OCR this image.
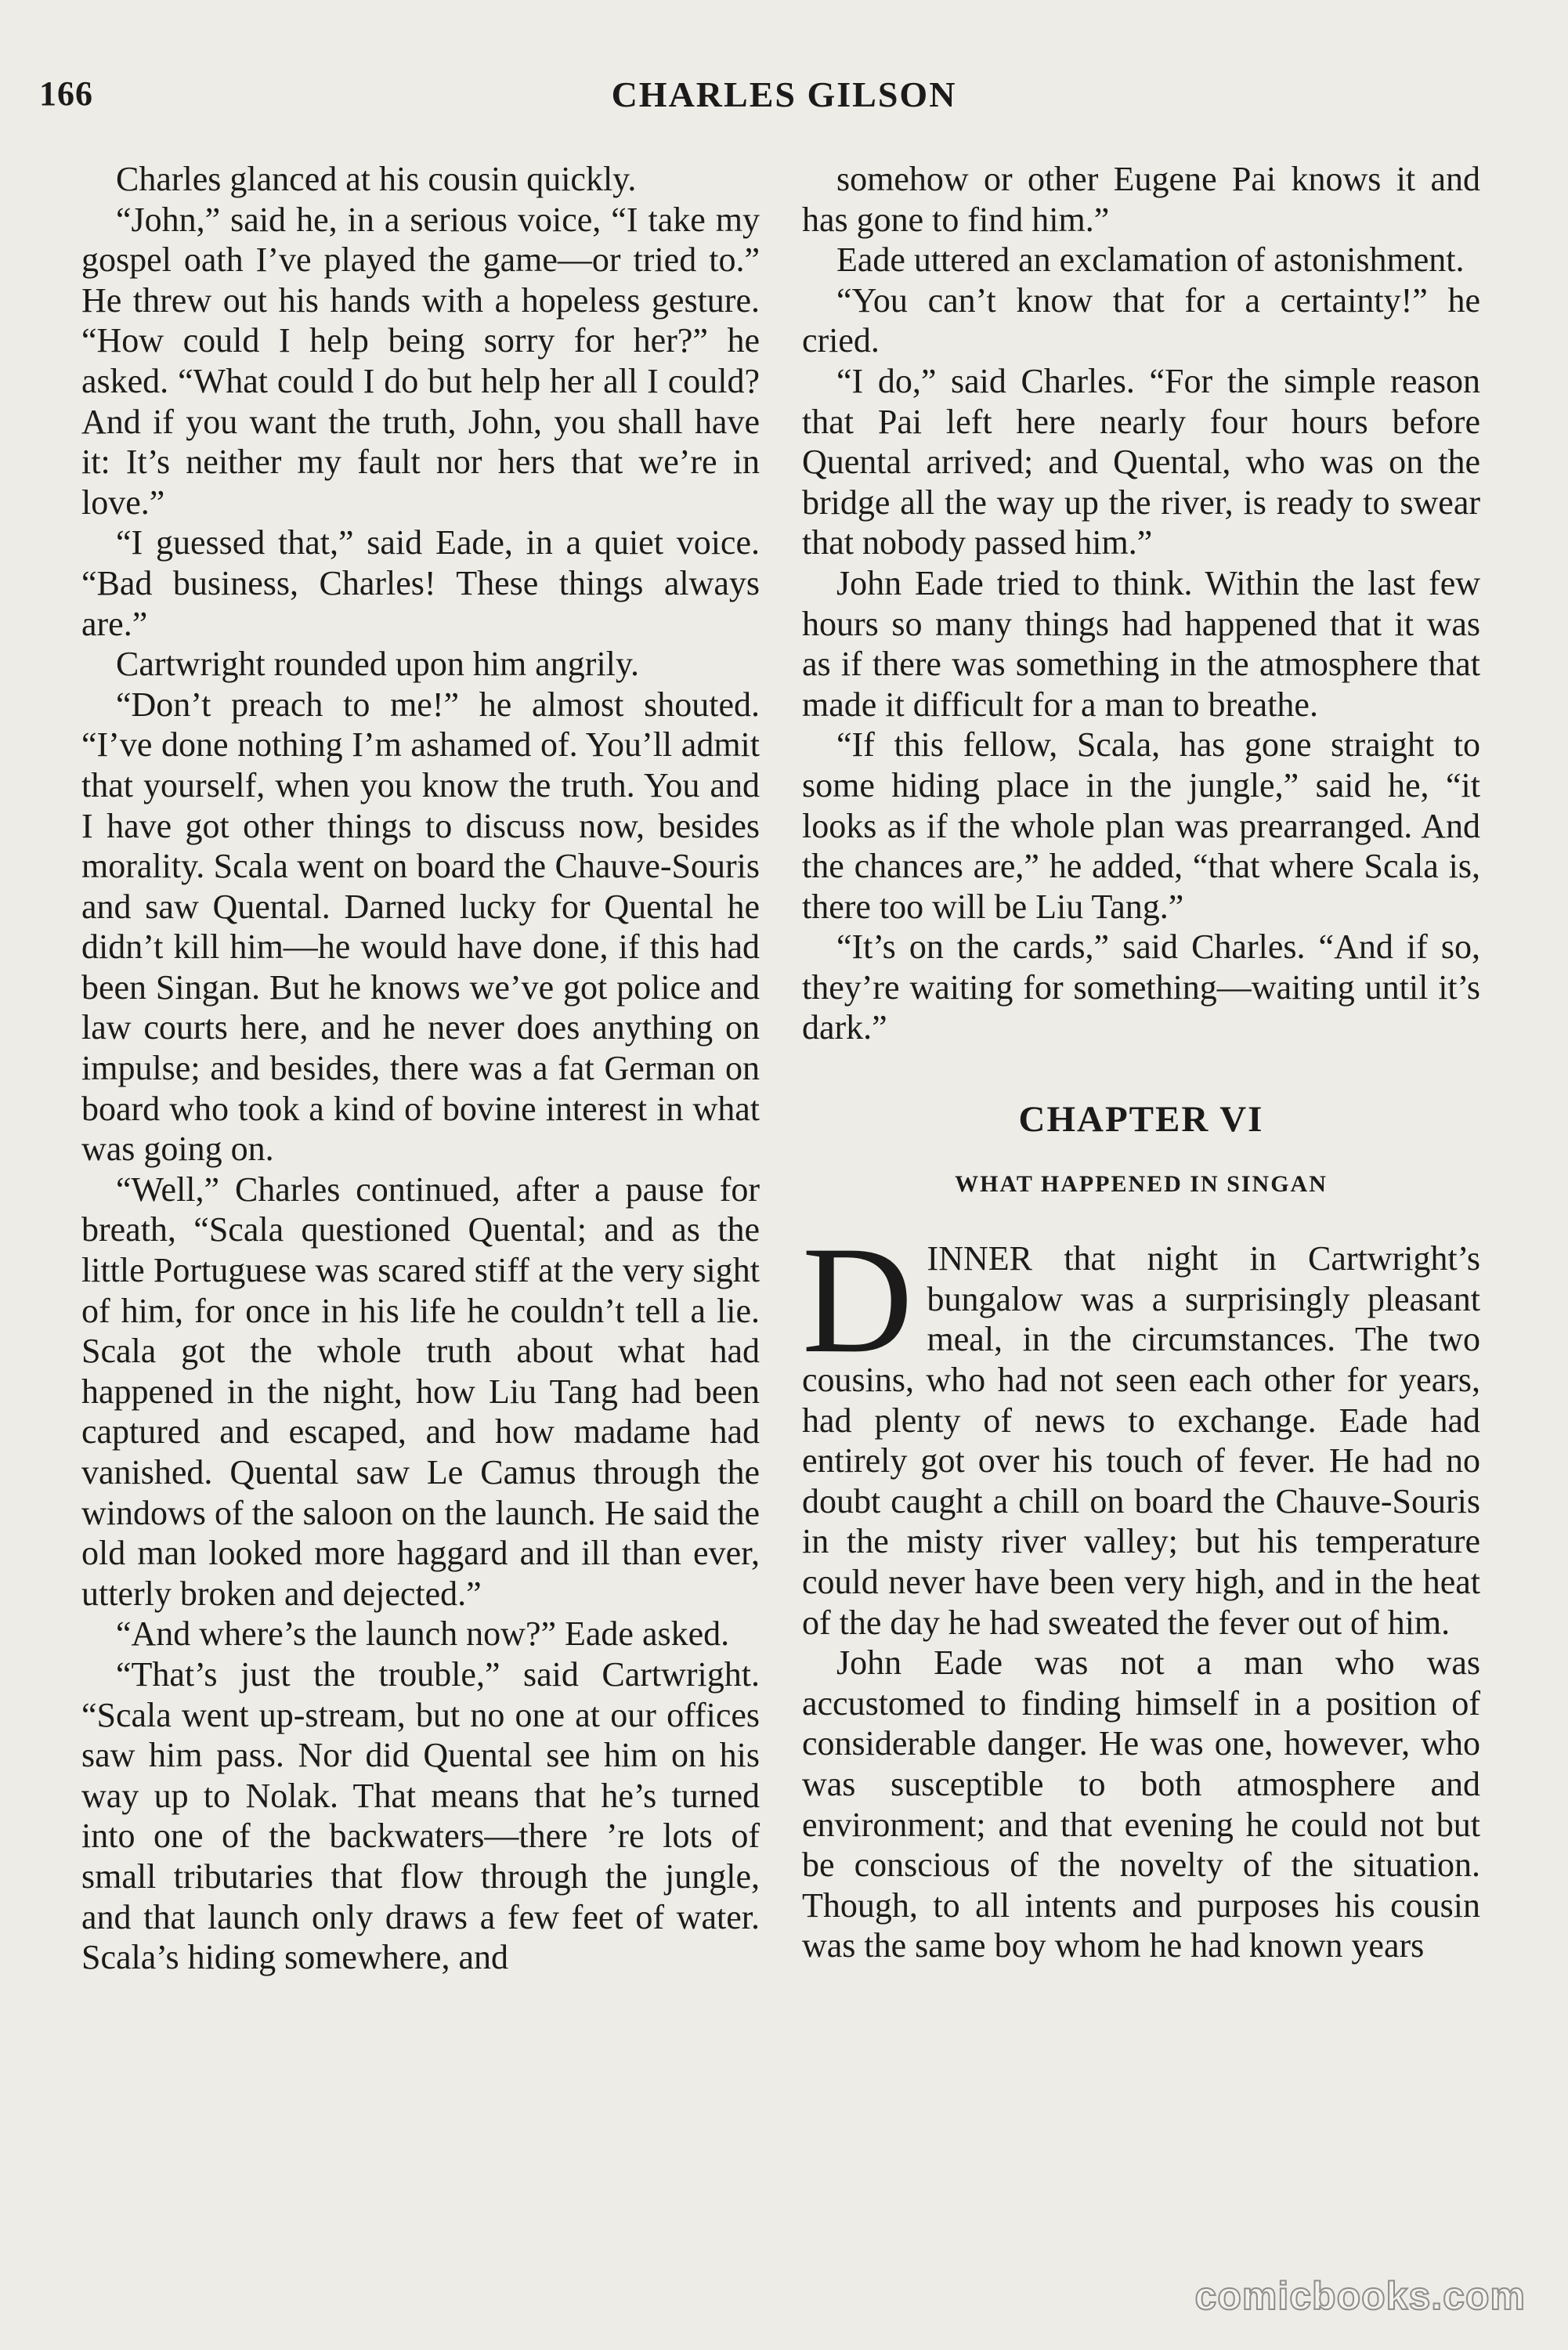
166	CHARLES GILSON

Charles glanced at his cousin quickly.

“John,” said he, in a serious voice, “I take my gospel oath I’ve played the game—or tried to.” He threw out his hands with a hopeless gesture. “How could I help being sorry for her?” he asked. “What could I do but help her all I could? And if you want the truth, John, you shall have it: It’s neither my fault nor hers that we’re in love.”

“I guessed that,” said Eade, in a quiet voice. “Bad business, Charles! These things always are.”

Cartwright rounded upon him angrily.

“Don’t preach to me!” he almost shouted. “I’ve done nothing I’m ashamed of. You’ll admit that yourself, when you know the truth. You and I have got other things to discuss now, besides morality. Scala went on board the Chauve-Souris and saw Quental. Darned lucky for Quental he didn’t kill him—he would have done, if this had been Singan. But he knows we’ve got police and law courts here, and he never does anything on impulse; and besides, there was a fat German on board who took a kind of bovine interest in what was going on.

“Well,” Charles continued, after a pause for breath, “Scala questioned Quental; and as the little Portuguese was scared stiff at the very sight of him, for once in his life he couldn’t tell a lie. Scala got the whole truth about what had happened in the night, how Liu Tang had been captured and escaped, and how madame had vanished. Quental saw Le Camus through the windows of the saloon on the launch. He said the old man looked more haggard and ill than ever, utterly broken and dejected.”

“And where’s the launch now?” Eade asked.

“That’s just the trouble,” said Cartwright. “Scala went up-stream, but no one at our offices saw him pass. Nor did Quental see him on his way up to Nolak. That means that he’s turned into one of the backwaters—there ’re lots of small tributaries that flow through the jungle, and that launch only draws a few feet of water. Scala’s hiding somewhere, and

somehow or other Eugene Pai knows it and has gone to find him.”

Eade uttered an exclamation of astonishment.

“You can’t know that for a certainty!” he cried.

“I do,” said Charles. “For the simple reason that Pai left here nearly four hours before Quental arrived; and Quental, who was on the bridge all the way up the river, is ready to swear that nobody passed him.”

John Eade tried to think. Within the last few hours so many things had happened that it was as if there was something in the atmosphere that made it difficult for a man to breathe.

“If this fellow, Scala, has gone straight to some hiding place in the jungle,” said he, “it looks as if the whole plan was prearranged. And the chances are,” he added, “that where Scala is, there too will be Liu Tang.”

“It’s on the cards,” said Charles. “And if so, they’re waiting for something—waiting until it’s dark.”

CHAPTER VI
WHAT HAPPENED IN SINGAN

DINNER that night in Cartwright’s bungalow was a surprisingly pleasant meal, in the circumstances. The two cousins, who had not seen each other for years, had plenty of news to exchange. Eade had entirely got over his touch of fever. He had no doubt caught a chill on board the Chauve-Souris in the misty river valley; but his temperature could never have been very high, and in the heat of the day he had sweated the fever out of him.

John Eade was not a man who was accustomed to finding himself in a position of considerable danger. He was one, however, who was susceptible to both atmosphere and environment; and that evening he could not but be conscious of the novelty of the situation. Though, to all intents and purposes his cousin was the same boy whom he had known years

comicbooks.com
